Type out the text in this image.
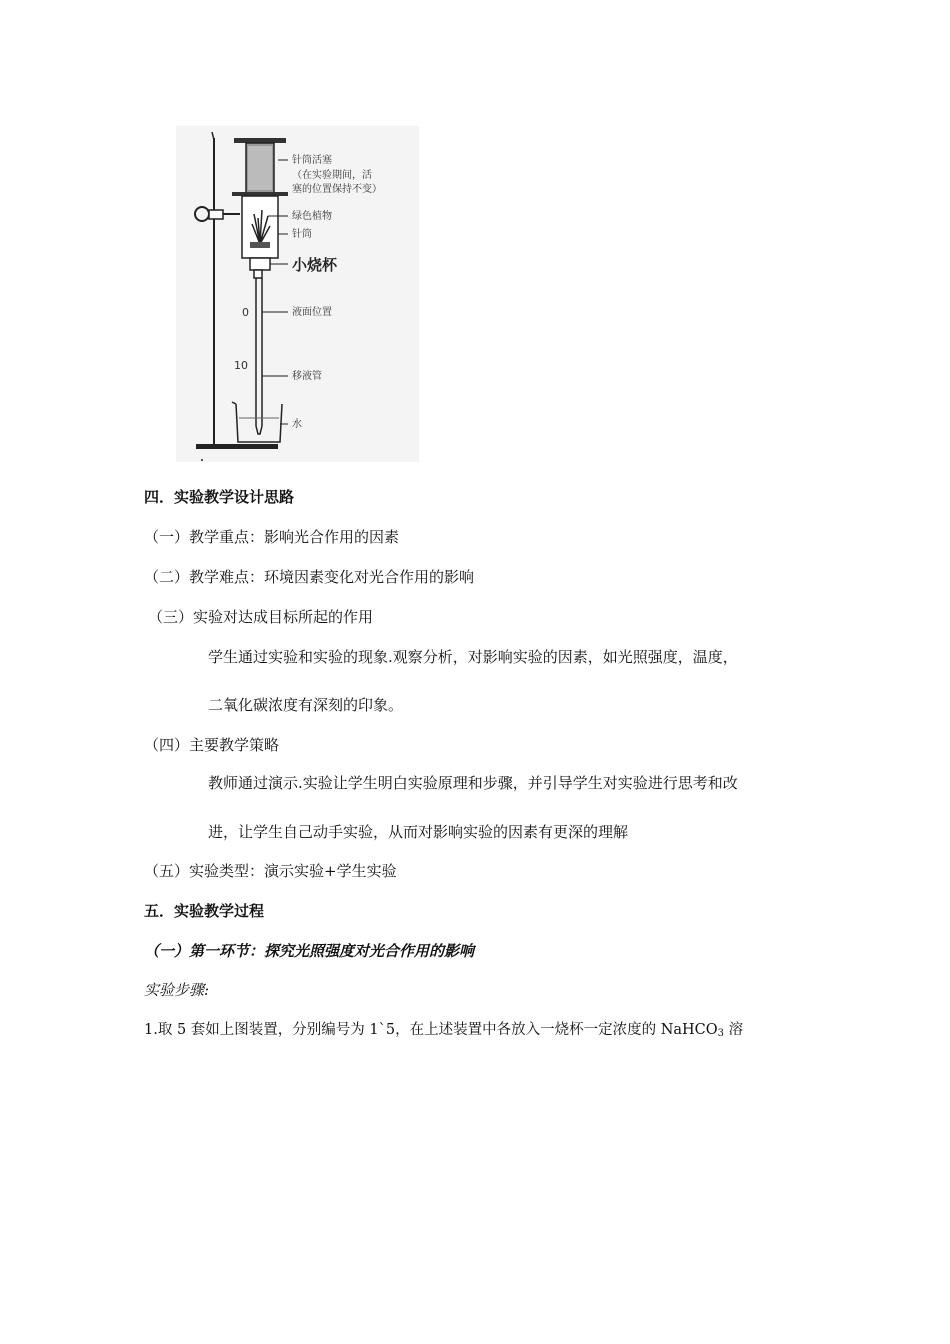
针筒活塞
（在实验期间，活
塞的位置保持不变）
绿色植物
针筒
小烧杯
液面位置
移液管
水
0
10
四．实验教学设计思路
（一）教学重点：影响光合作用的因素
（二）教学难点：环境因素变化对光合作用的影响
（三）实验对达成目标所起的作用
学生通过实验和实验的现象.观察分析，对影响实验的因素，如光照强度，温度，
二氧化碳浓度有深刻的印象。
（四）主要教学策略
教师通过演示.实验让学生明白实验原理和步骤，并引导学生对实验进行思考和改
进，让学生自己动手实验，从而对影响实验的因素有更深的理解
（五）实验类型：演示实验+学生实验
五．实验教学过程
（一）第一环节：探究光照强度对光合作用的影响
实验步骤:
1.取 5 套如上图装置，分别编号为 1`5，在上述装置中各放入一烧杯一定浓度的 NaHCO$_3$ 溶
